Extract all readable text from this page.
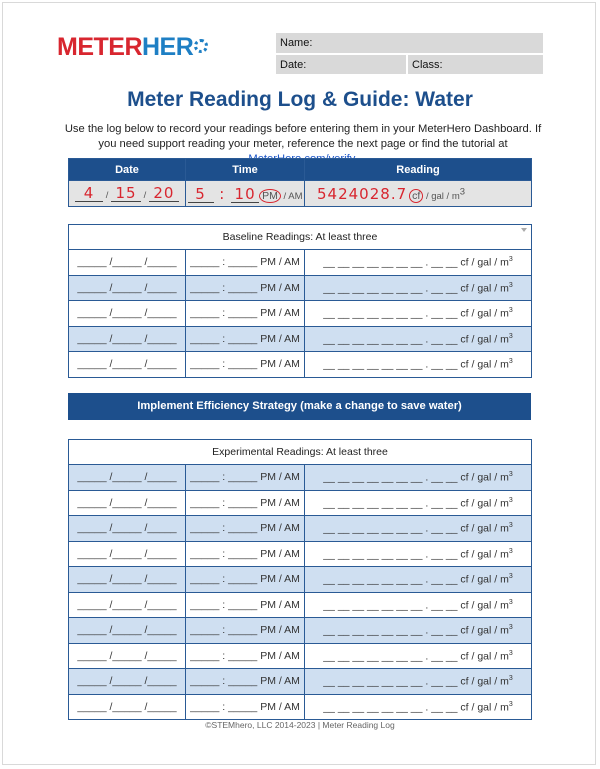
METERHER	Name:
Date:	Class:
Meter Reading Log & Guide: Water
Use the log below to record your readings before entering them in your MeterHero Dashboard. If you need support reading your meter, reference the next page or find the tutorial at
Date	Time	Reading
4 / 15 / 20	5 : 10 PM / AM	5424028.7 cf / gal / $m^3$
Baseline Readings: At least three		

_____ /_____ /_____	_____ : _____ PM / AM	__ __ __ __ __ __ __ . __ __ cf / gal / $m^3$
_____ /_____ /_____	_____ : _____ PM / AM	__ __ __ __ __ __ __ . __ __ cf / gal / $m^3$
_____ /_____ /_____	_____ : _____ PM / AM	__ __ __ __ __ __ __ . __ __ cf / gal / $m^3$
_____ /_____ /_____	_____ : _____ PM / AM	__ __ __ __ __ __ __ . __ __ cf / gal / $m^3$
_____ /_____ /_____	_____ : _____ PM / AM	__ __ __ __ __ __ __ . __ __ cf / gal / $m^3$
Implement Efficiency Strategy (make a change to save water)
Experimental Readings: At least three		
_____ /_____ /_____	_____ : _____ PM / AM	__ __ __ __ __ __ __ . __ __ cf / gal / $m^3$
_____ /_____ /_____	_____ : _____ PM / AM	__ __ __ __ __ __ __ . __ __ cf / gal / $m^3$
_____ /_____ /_____	_____ : _____ PM / AM	__ __ __ __ __ __ __ . __ __ cf / gal / $m^3$
_____ /_____ /_____	_____ : _____ PM / AM	__ __ __ __ __ __ __ . __ __ cf / gal / $m^3$
_____ /_____ /_____	_____ : _____ PM / AM	__ __ __ __ __ __ __ . __ __ cf / gal / $m^3$
_____ /_____ /_____	_____ : _____ PM / AM	__ __ __ __ __ __ __ . __ __ cf / gal / $m^3$
_____ /_____ /_____	_____ : _____ PM / AM	__ __ __ __ __ __ __ . __ __ cf / gal / $m^3$
_____ /_____ /_____	_____ : _____ PM / AM	__ __ __ __ __ __ __ . __ __ cf / gal / $m^3$
_____ /_____ /_____	_____ : _____ PM / AM	__ __ __ __ __ __ __ . __ __ cf / gal / $m^3$
_____ /_____ /_____	_____ : _____ PM / AM	__ __ __ __ __ __ __ . __ __ cf / gal / $m^3$
©STEMhero, LLC 2014-2023 | Meter Reading Log
